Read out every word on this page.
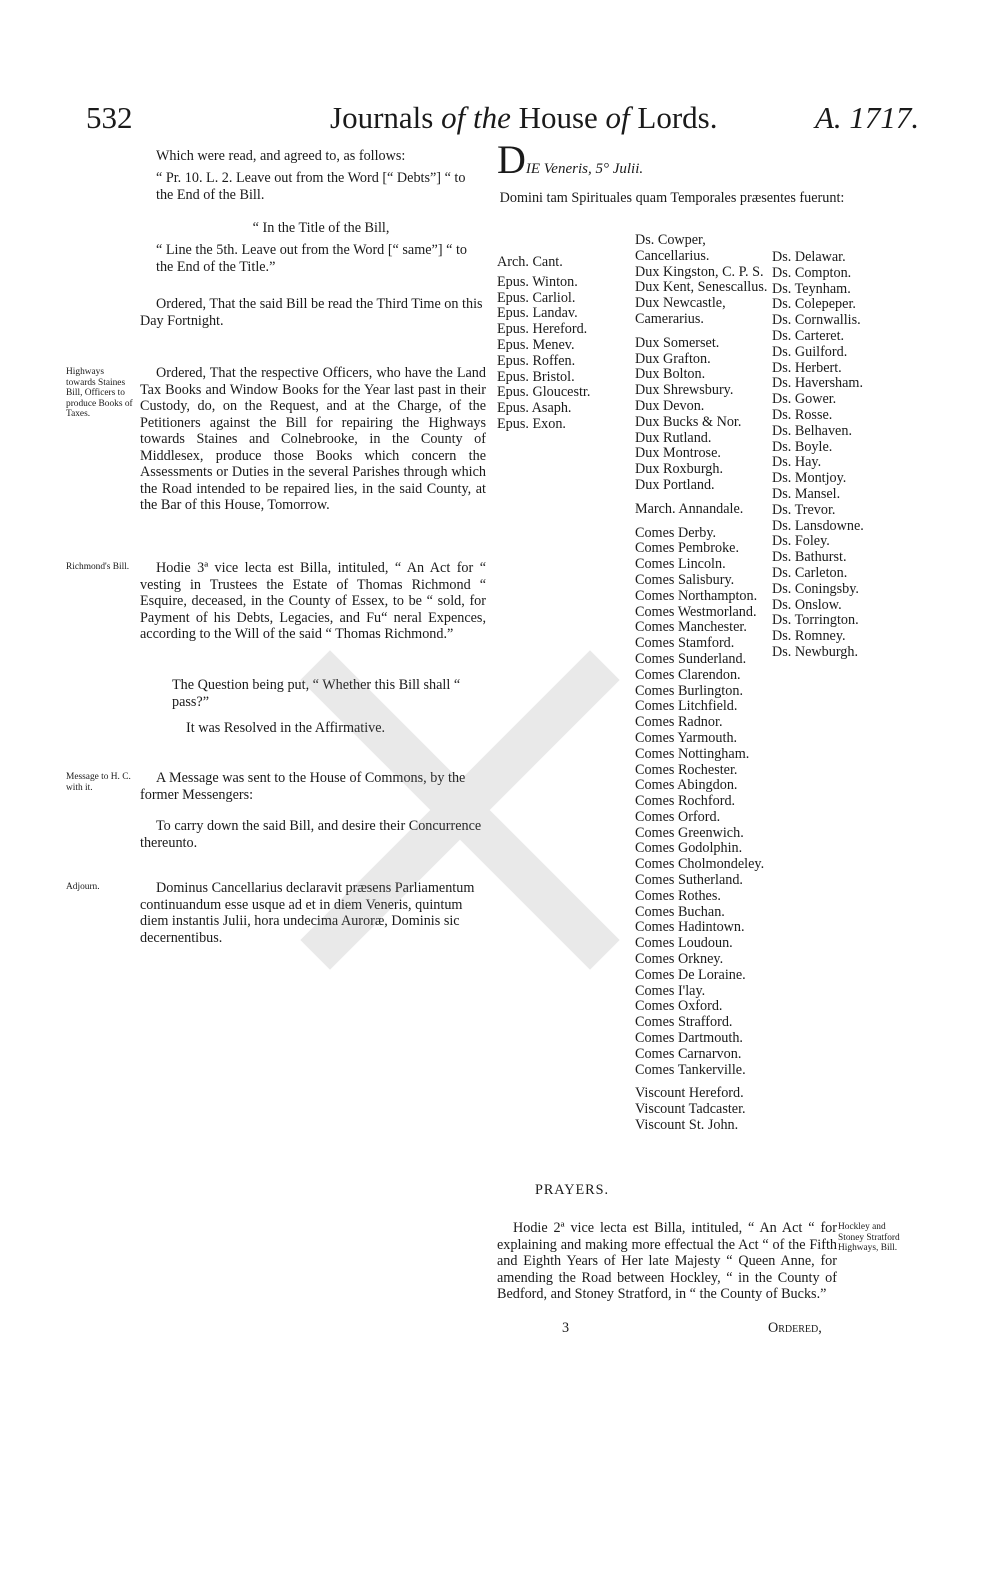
532	Journals of the House of Lords.	A. 1717.
Which were read, and agreed to, as follows:
“ Pr. 10. L. 2. Leave out from the Word [“ Debts”] “ to the End of the Bill.
“ In the Title of the Bill,
“ Line the 5th. Leave out from the Word [“ same”] “ to the End of the Title.”
Ordered, That the said Bill be read the Third Time on this Day Fortnight.
Highways towards Staines Bill, Officers to produce Books of Taxes.
Ordered, That the respective Officers, who have the Land Tax Books and Window Books for the Year last past in their Custody, do, on the Request, and at the Charge, of the Petitioners against the Bill for repairing the Highways towards Staines and Colnebrooke, in the County of Middlesex, produce those Books which concern the Assessments or Duties in the several Parishes through which the Road intended to be repaired lies, in the said County, at the Bar of this House, Tomorrow.
Richmond's Bill.	Hodie 3ª vice lecta est Billa, intituled, “ An Act for “ vesting in Trustees the Estate of Thomas Richmond “ Esquire, deceased, in the County of Essex, to be “ sold, for Payment of his Debts, Legacies, and Fu“ neral Expences, according to the Will of the said “ Thomas Richmond.”
The Question being put, “ Whether this Bill shall “ pass?”
It was Resolved in the Affirmative.
Message to H. C. with it.
A Message was sent to the House of Commons, by the former Messengers:
To carry down the said Bill, and desire their Concurrence thereunto.
Adjourn.	Dominus Cancellarius declaravit præsens Parliamentum continuandum esse usque ad et in diem Veneris, quintum diem instantis Julii, hora undecima Auroræ, Dominis sic decernentibus.
DIE Veneris, 5° Julii.
Domini tam Spirituales quam Temporales præsentes fuerunt:
Arch. Cant.
Epus. Winton.
Epus. Carliol.
Epus. Landav.
Epus. Hereford.
Epus. Menev.
Epus. Roffen.
Epus. Bristol.
Epus. Gloucestr.
Epus. Asaph.
Epus. Exon.
Ds. Cowper, Cancellarius.
Dux Kingston, C. P. S.
Dux Kent, Senescallus.
Dux Newcastle, Camerarius.
Dux Somerset.
Dux Grafton.
Dux Bolton.
Dux Shrewsbury.
Dux Devon.
Dux Bucks & Nor.
Dux Rutland.
Dux Montrose.
Dux Roxburgh.
Dux Portland.
March. Annandale.
Comes Derby.
Comes Pembroke.
Comes Lincoln.
Comes Salisbury.
Comes Northampton.
Comes Westmorland.
Comes Manchester.
Comes Stamford.
Comes Sunderland.
Comes Clarendon.
Comes Burlington.
Comes Litchfield.
Comes Radnor.
Comes Yarmouth.
Comes Nottingham.
Comes Rochester.
Comes Abingdon.
Comes Rochford.
Comes Orford.
Comes Greenwich.
Comes Godolphin.
Comes Cholmondeley.
Comes Sutherland.
Comes Rothes.
Comes Buchan.
Comes Hadintown.
Comes Loudoun.
Comes Orkney.
Comes De Loraine.
Comes I'lay.
Comes Oxford.
Comes Strafford.
Comes Dartmouth.
Comes Carnarvon.
Comes Tankerville.
Viscount Hereford.
Viscount Tadcaster.
Viscount St. John.
Ds. Delawar.
Ds. Compton.
Ds. Teynham.
Ds. Colepeper.
Ds. Cornwallis.
Ds. Carteret.
Ds. Guilford.
Ds. Herbert.
Ds. Haversham.
Ds. Gower.
Ds. Rosse.
Ds. Belhaven.
Ds. Boyle.
Ds. Hay.
Ds. Montjoy.
Ds. Mansel.
Ds. Trevor.
Ds. Lansdowne.
Ds. Foley.
Ds. Bathurst.
Ds. Carleton.
Ds. Coningsby.
Ds. Onslow.
Ds. Torrington.
Ds. Romney.
Ds. Newburgh.
PRAYERS.
Hodie 2ª vice lecta est Billa, intituled, “ An Act “ for explaining and making more effectual the Act “ of the Fifth and Eighth Years of Her late Majesty “ Queen Anne, for amending the Road between Hockley, “ in the County of Bedford, and Stoney Stratford, in “ the County of Bucks.”
Hockley and Stoney Stratford Highways, Bill.
3	Ordered,
